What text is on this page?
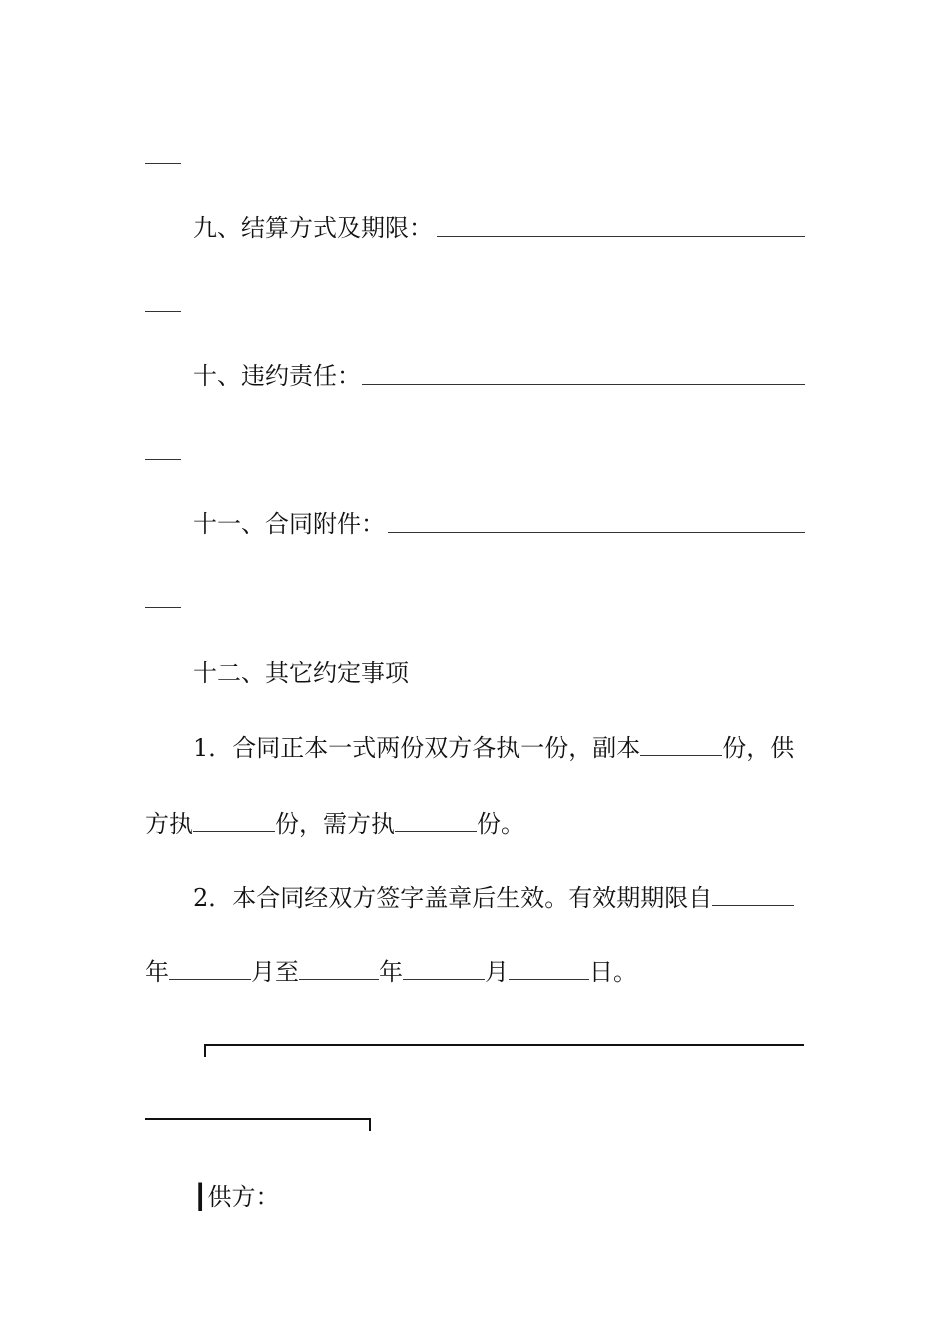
九、结算方式及期限：
十、违约责任：
十一、合同附件：
十二、其它约定事项
1．合同正本一式两份双方各执一份，副本	份，供
方执	份，需方执	份。
2．本合同经双方签字盖章后生效。有效期期限自
年	月至	年	月	日。
┃供方：
